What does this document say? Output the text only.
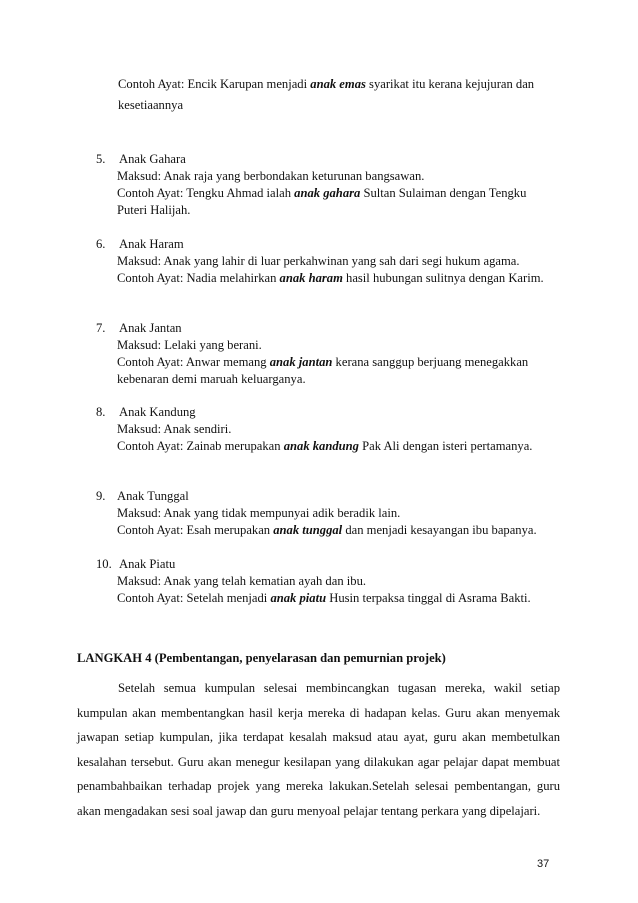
Contoh Ayat: Encik Karupan menjadi anak emas syarikat itu kerana kejujuran dan
kesetiaannya
5. Anak Gahara
Maksud: Anak raja yang berbondakan keturunan bangsawan.
Contoh Ayat: Tengku Ahmad ialah anak gahara Sultan Sulaiman dengan Tengku
Puteri Halijah.
6. Anak Haram
Maksud: Anak yang lahir di luar perkahwinan yang sah dari segi hukum agama.
Contoh Ayat: Nadia melahirkan anak haram hasil hubungan sulitnya dengan Karim.
7. Anak Jantan
Maksud: Lelaki yang berani.
Contoh Ayat: Anwar memang anak jantan kerana sanggup berjuang menegakkan
kebenaran demi maruah keluarganya.
8. Anak Kandung
Maksud: Anak sendiri.
Contoh Ayat: Zainab merupakan anak kandung Pak Ali dengan isteri pertamanya.
9. Anak Tunggal
Maksud: Anak yang tidak mempunyai adik beradik lain.
Contoh Ayat: Esah merupakan anak tunggal dan menjadi kesayangan ibu bapanya.
10. Anak Piatu
Maksud: Anak yang telah kematian ayah dan ibu.
Contoh Ayat: Setelah menjadi anak piatu Husin terpaksa tinggal di Asrama Bakti.
LANGKAH 4 (Pembentangan, penyelarasan dan pemurnian projek)
Setelah semua kumpulan selesai membincangkan tugasan mereka, wakil setiap kumpulan akan membentangkan hasil kerja mereka di hadapan kelas. Guru akan menyemak jawapan setiap kumpulan, jika terdapat kesalah maksud atau ayat, guru akan membetulkan kesalahan tersebut. Guru akan menegur kesilapan yang dilakukan agar pelajar dapat membuat penambahbaikan terhadap projek yang mereka lakukan.Setelah selesai pembentangan, guru akan mengadakan sesi soal jawap dan guru menyoal pelajar tentang perkara yang dipelajari.
37
